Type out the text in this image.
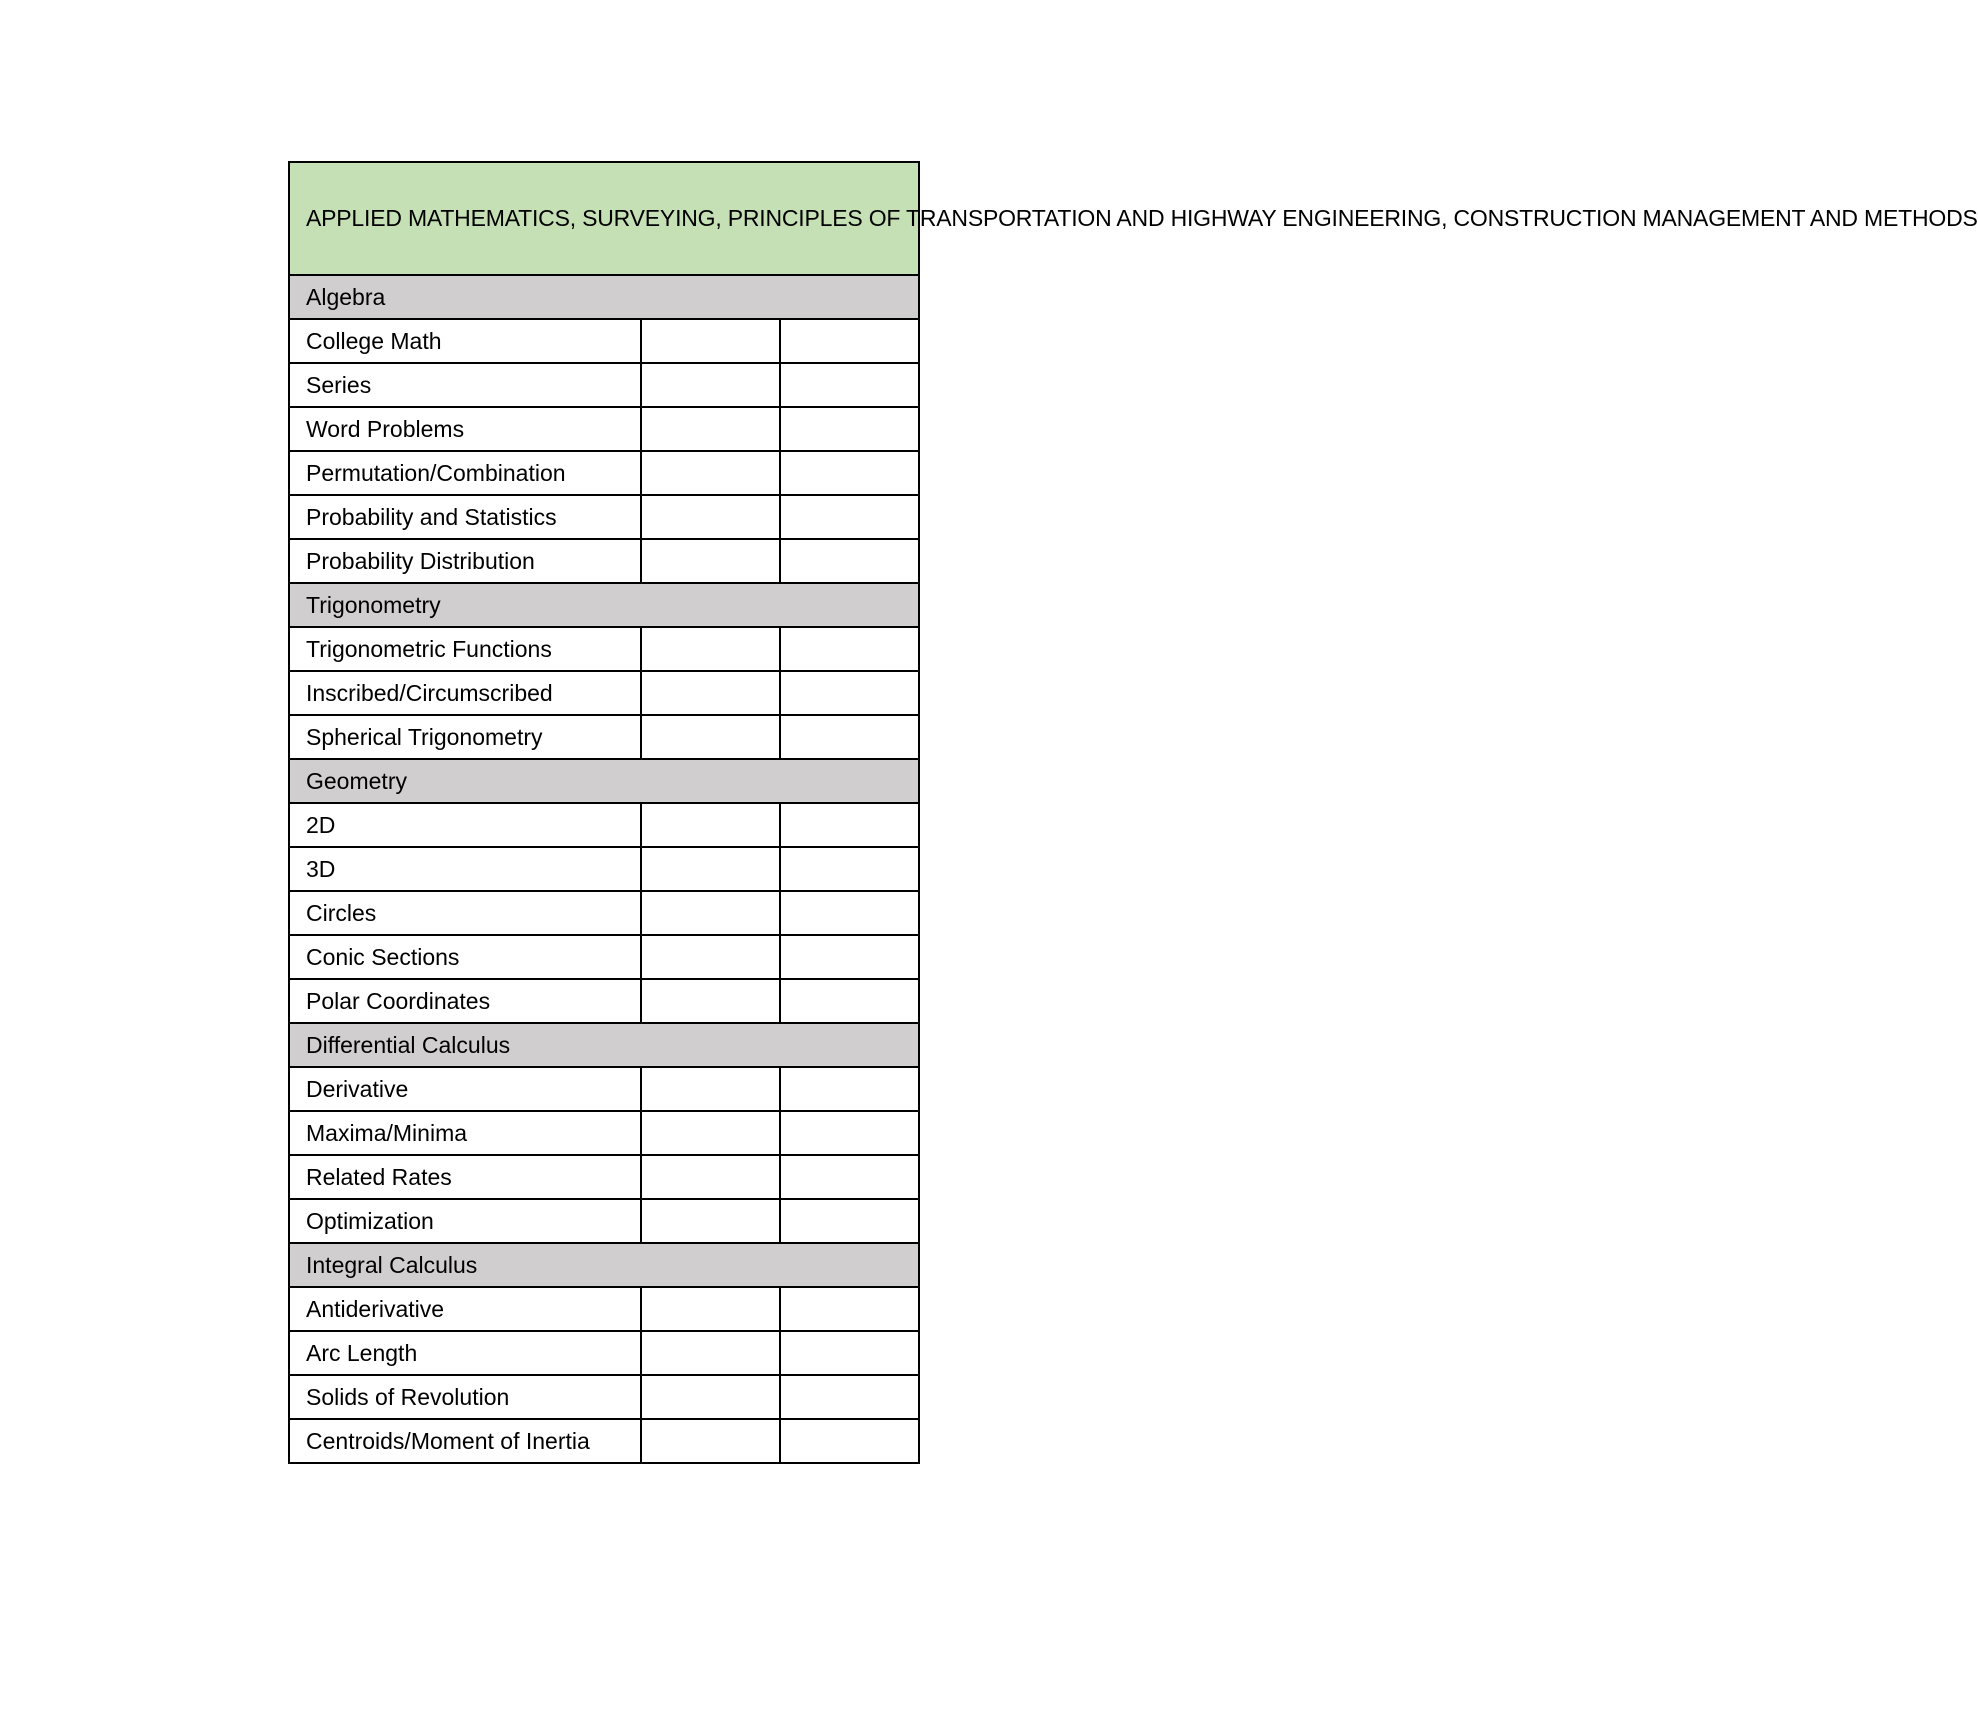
APPLIED MATHEMATICS, SURVEYING, PRINCIPLES OF TRANSPORTATION AND HIGHWAY ENGINEERING, CONSTRUCTION MANAGEMENT AND METHODS		
Algebra		
College Math		
Series		
Word Problems		
Permutation/Combination		
Probability and Statistics		
Probability Distribution		
Trigonometry		
Trigonometric Functions		
Inscribed/Circumscribed		
Spherical Trigonometry		
Geometry		
2D		
3D		
Circles		
Conic Sections		
Polar Coordinates		
Differential Calculus		
Derivative		
Maxima/Minima		
Related Rates		
Optimization		
Integral Calculus		
Antiderivative		
Arc Length		
Solids of Revolution		
Centroids/Moment of Inertia		
